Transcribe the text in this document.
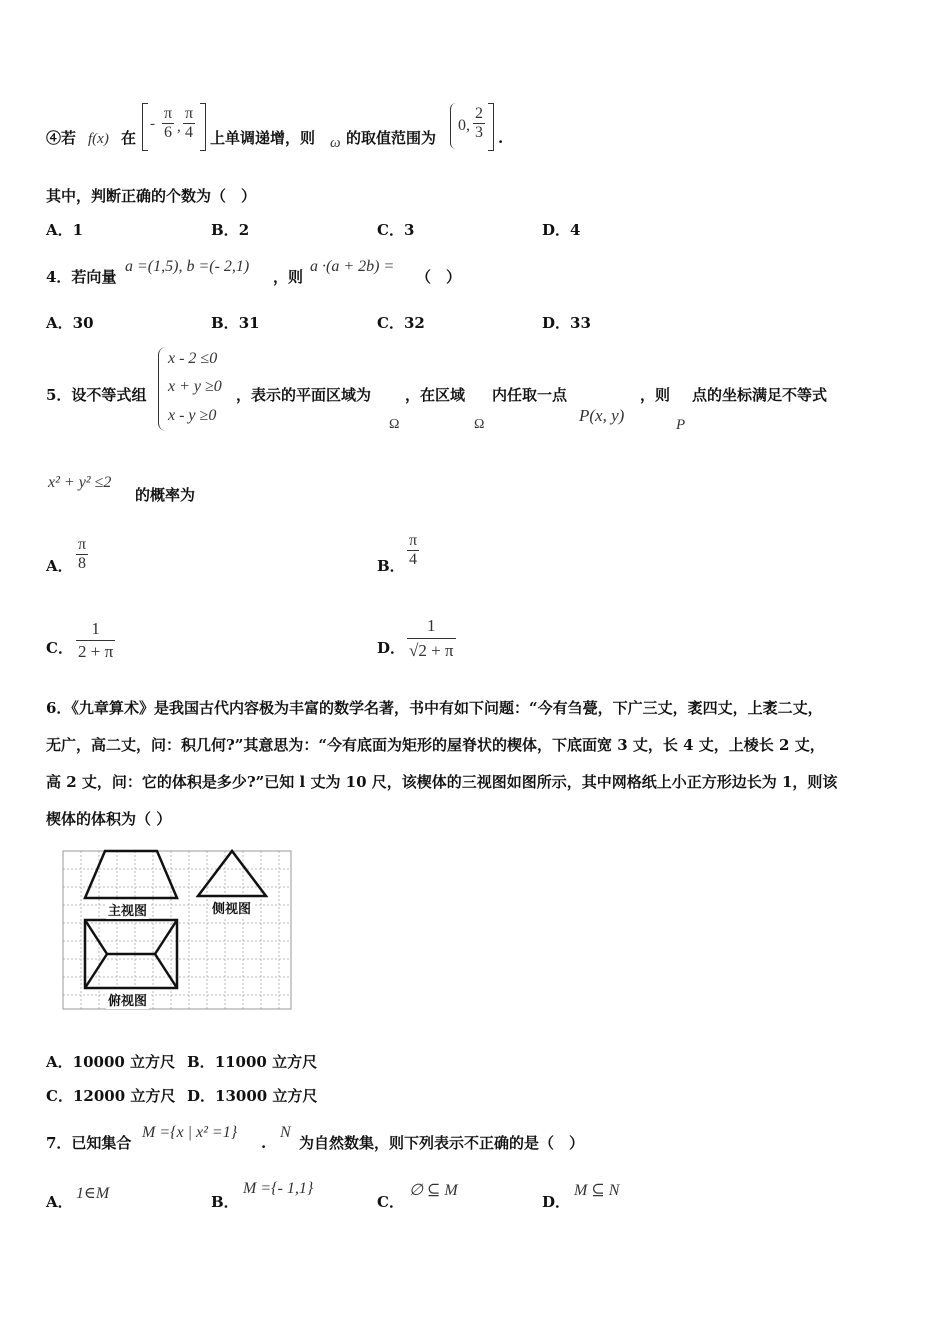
④若 f(x) 在
- $\frac{\pi}{6}$ , $\frac{\pi}{4}$ 上单调递增，则 ω 的取值范围为
0, $\frac{2}{3}$ .
其中，判断正确的个数为（　）
A．1	B．2	C．3	D．4
4．若向量
a =(1,5), b =(- 2,1)
，则
a ·(a + 2b) =
（　）
A．30	B．31	C．32	D．33
5．设不等式组
x - 2 ≤0
x + y ≥0
x - y ≥0
，表示的平面区域为
Ω
，在区域
Ω
内任取一点
P(x, y)
，则
P
点的坐标满足不等式
x² + y² ≤2
的概率为
A． $\frac{\pi}{8}$	B． $\frac{\pi}{4}$
C． $\frac{1}{2 + \pi}$	D． $\frac{1}{√2 + \pi}$
6．《九章算术》是我国古代内容极为丰富的数学名著，书中有如下问题：“今有刍甍，下广三丈，袤四丈，上袤二丈，
无广，高二丈，问：积几何?”其意思为：“今有底面为矩形的屋脊状的楔体，下底面宽 3 丈，长 4 丈，上棱长 2 丈，
高 2 丈，问：它的体积是多少?”已知 l 丈为 10 尺，该楔体的三视图如图所示，其中网格纸上小正方形边长为 1，则该
楔体的体积为（ ）
主视图	侧视图
俯视图
A．10000 立方尺 B．11000 立方尺
C．12000 立方尺 D．13000 立方尺
7．已知集合
M ={x | x² =1}
.
N
为自然数集，则下列表示不正确的是（　）
A． 1∈M	B．
M ={- 1,1}
C．
∅ ⊆ M
D．
M ⊆ N
